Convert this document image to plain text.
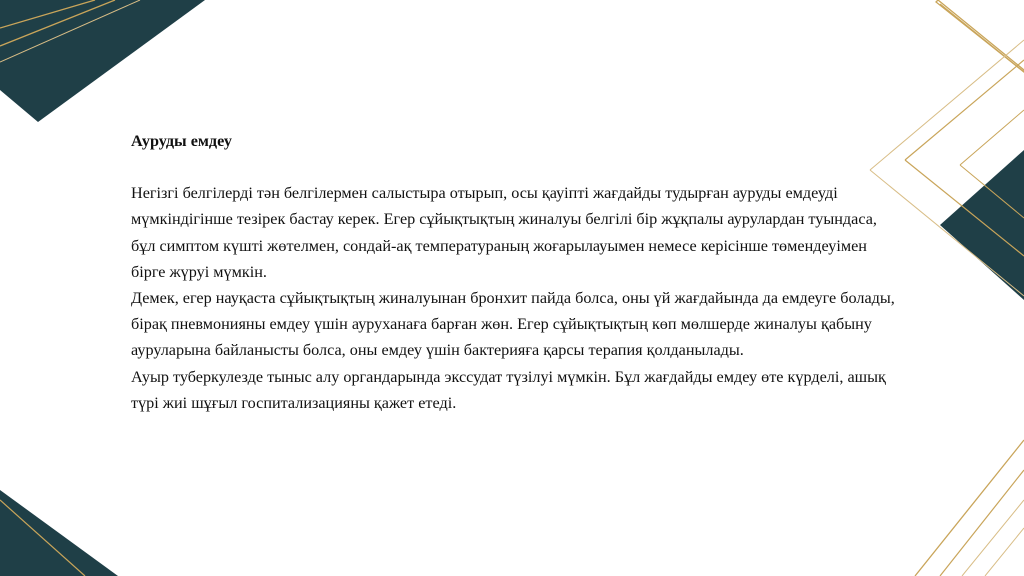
Ауруды емдеу

Негізгі белгілерді тән белгілермен салыстыра отырып, осы қауіпті жағдайды тудырған ауруды емдеуді мүмкіндігінше тезірек бастау керек. Егер сұйықтықтың жиналуы белгілі бір жұқпалы аурулардан туындаса, бұл симптом күшті жөтелмен, сондай-ақ температураның жоғарылауымен немесе керісінше төмендеуімен бірге жүруі мүмкін.

Демек, егер науқаста сұйықтықтың жиналуынан бронхит пайда болса, оны үй жағдайында да емдеуге болады, бірақ пневмонияны емдеу үшін ауруханаға барған жөн. Егер сұйықтықтың көп мөлшерде жиналуы қабыну ауруларына байланысты болса, оны емдеу үшін бактерияға қарсы терапия қолданылады.

Ауыр туберкулезде тыныс алу органдарында экссудат түзілуі мүмкін. Бұл жағдайды емдеу өте күрделі, ашық түрі жиі шұғыл госпитализацияны қажет етеді.
